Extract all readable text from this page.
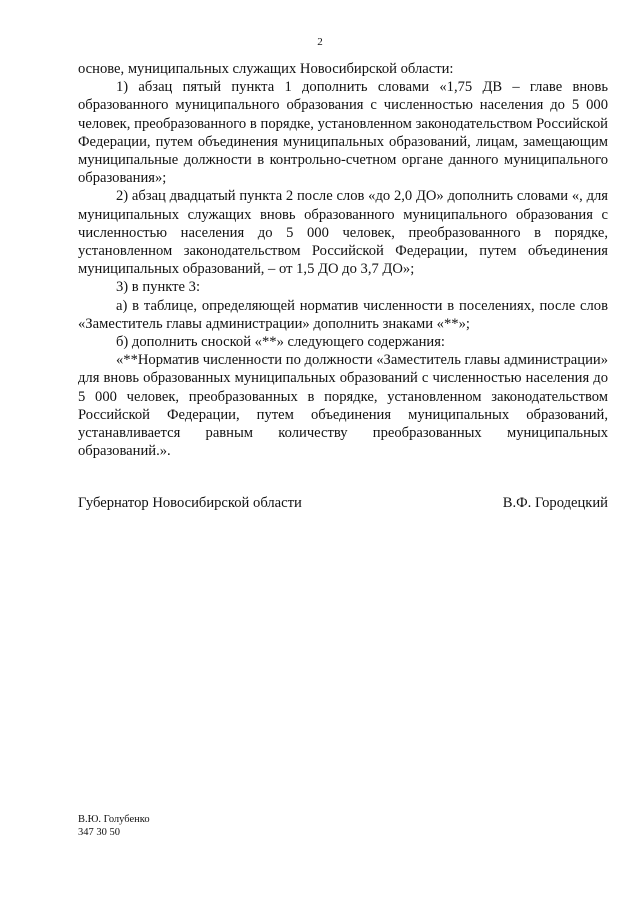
2

основе, муниципальных служащих Новосибирской области:

1) абзац пятый пункта 1 дополнить словами «1,75 ДВ – главе вновь образованного муниципального образования с численностью населения до 5 000 человек, преобразованного в порядке, установленном законодательством Российской Федерации, путем объединения муниципальных образований, лицам, замещающим муниципальные должности в контрольно-счетном органе данного муниципального образования»;

2) абзац двадцатый пункта 2 после слов «до 2,0 ДО» дополнить словами «, для муниципальных служащих вновь образованного муниципального образования с численностью населения до 5 000 человек, преобразованного в порядке, установленном законодательством Российской Федерации, путем объединения муниципальных образований, – от 1,5 ДО до 3,7 ДО»;

3) в пункте 3:

а) в таблице, определяющей норматив численности в поселениях, после слов «Заместитель главы администрации» дополнить знаками «**»;

б) дополнить сноской «**» следующего содержания:

«**Норматив численности по должности «Заместитель главы администрации» для вновь образованных муниципальных образований с численностью населения до 5 000 человек, преобразованных в порядке, установленном законодательством Российской Федерации, путем объединения муниципальных образований, устанавливается равным количеству преобразованных муниципальных образований.».

Губернатор Новосибирской области	В.Ф. Городецкий
В.Ю. Голубенко
347 30 50
